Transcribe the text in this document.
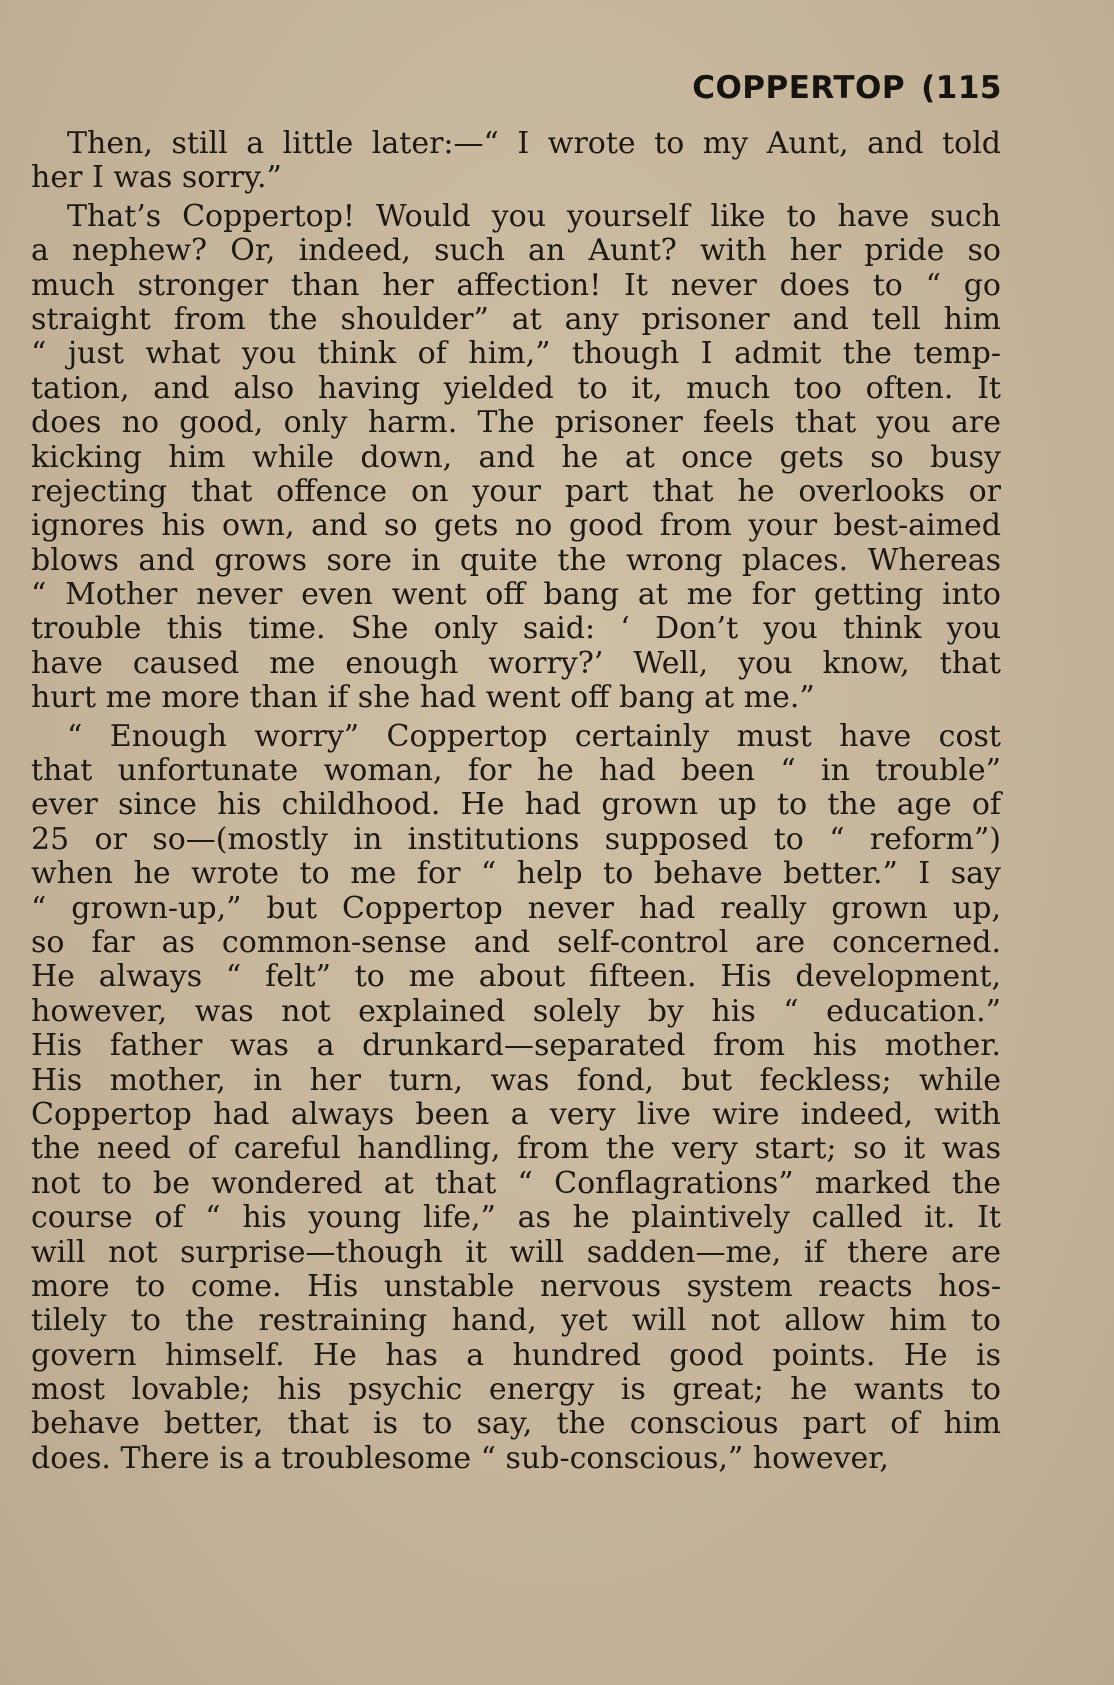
COPPERTOP (115
Then, still a little later:—“ I wrote to my Aunt, and told
her I was sorry.”
That’s Coppertop! Would you yourself like to have such
a nephew? Or, indeed, such an Aunt? with her pride so
much stronger than her affection! It never does to “ go
straight from the shoulder” at any prisoner and tell him
“ just what you think of him,” though I admit the temp-
tation, and also having yielded to it, much too often. It
does no good, only harm. The prisoner feels that you are
kicking him while down, and he at once gets so busy
rejecting that offence on your part that he overlooks or
ignores his own, and so gets no good from your best-aimed
blows and grows sore in quite the wrong places. Whereas
“ Mother never even went off bang at me for getting into
trouble this time. She only said: ‘ Don’t you think you
have caused me enough worry?’ Well, you know, that
hurt me more than if she had went off bang at me.”
“ Enough worry” Coppertop certainly must have cost
that unfortunate woman, for he had been “ in trouble”
ever since his childhood. He had grown up to the age of
25 or so—(mostly in institutions supposed to “ reform”)
when he wrote to me for “ help to behave better.” I say
“ grown-up,” but Coppertop never had really grown up,
so far as common-sense and self-control are concerned.
He always “ felt” to me about fifteen. His development,
however, was not explained solely by his “ education.”
His father was a drunkard—separated from his mother.
His mother, in her turn, was fond, but feckless; while
Coppertop had always been a very live wire indeed, with
the need of careful handling, from the very start; so it was
not to be wondered at that “ Conflagrations” marked the
course of “ his young life,” as he plaintively called it. It
will not surprise—though it will sadden—me, if there are
more to come. His unstable nervous system reacts hos-
tilely to the restraining hand, yet will not allow him to
govern himself. He has a hundred good points. He is
most lovable; his psychic energy is great; he wants to
behave better, that is to say, the conscious part of him
does. There is a troublesome “ sub-conscious,” however,
